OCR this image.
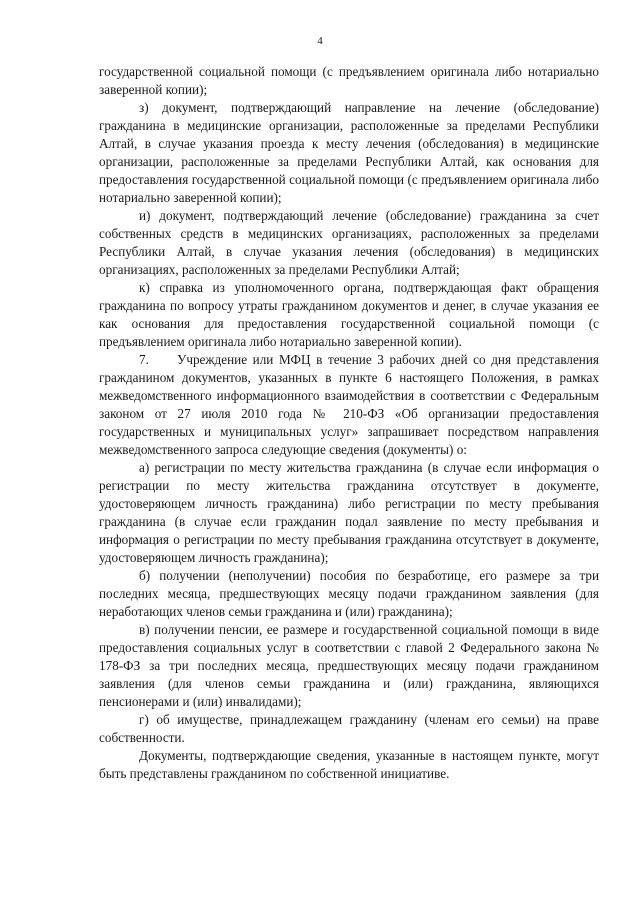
4

государственной социальной помощи (с предъявлением оригинала либо нотариально заверенной копии);

з) документ, подтверждающий направление на лечение (обследование) гражданина в медицинские организации, расположенные за пределами Республики Алтай, в случае указания проезда к месту лечения (обследования) в медицинские организации, расположенные за пределами Республики Алтай, как основания для предоставления государственной социальной помощи (с предъявлением оригинала либо нотариально заверенной копии);

и) документ, подтверждающий лечение (обследование) гражданина за счет собственных средств в медицинских организациях, расположенных за пределами Республики Алтай, в случае указания лечения (обследования) в медицинских организациях, расположенных за пределами Республики Алтай;

к) справка из уполномоченного органа, подтверждающая факт обращения гражданина по вопросу утраты гражданином документов и денег, в случае указания ее как основания для предоставления государственной социальной помощи (с предъявлением оригинала либо нотариально заверенной копии).

7.     Учреждение или МФЦ в течение 3 рабочих дней со дня представления гражданином документов, указанных в пункте 6 настоящего Положения, в рамках межведомственного информационного взаимодействия в соответствии с Федеральным законом от 27 июля 2010 года № 210-ФЗ «Об организации предоставления государственных и муниципальных услуг» запрашивает посредством направления межведомственного запроса следующие сведения (документы) о:

а) регистрации по месту жительства гражданина (в случае если информация о регистрации по месту жительства гражданина отсутствует в документе, удостоверяющем личность гражданина) либо регистрации по месту пребывания гражданина (в случае если гражданин подал заявление по месту пребывания и информация о регистрации по месту пребывания гражданина отсутствует в документе, удостоверяющем личность гражданина);

б) получении (неполучении) пособия по безработице, его размере за три последних месяца, предшествующих месяцу подачи гражданином заявления (для неработающих членов семьи гражданина и (или) гражданина);

в) получении пенсии, ее размере и государственной социальной помощи в виде предоставления социальных услуг в соответствии с главой 2 Федерального закона № 178-ФЗ за три последних месяца, предшествующих месяцу подачи гражданином заявления (для членов семьи гражданина и (или) гражданина, являющихся пенсионерами и (или) инвалидами);

г) об имуществе, принадлежащем гражданину (членам его семьи) на праве собственности.

Документы, подтверждающие сведения, указанные в настоящем пункте, могут быть представлены гражданином по собственной инициативе.
